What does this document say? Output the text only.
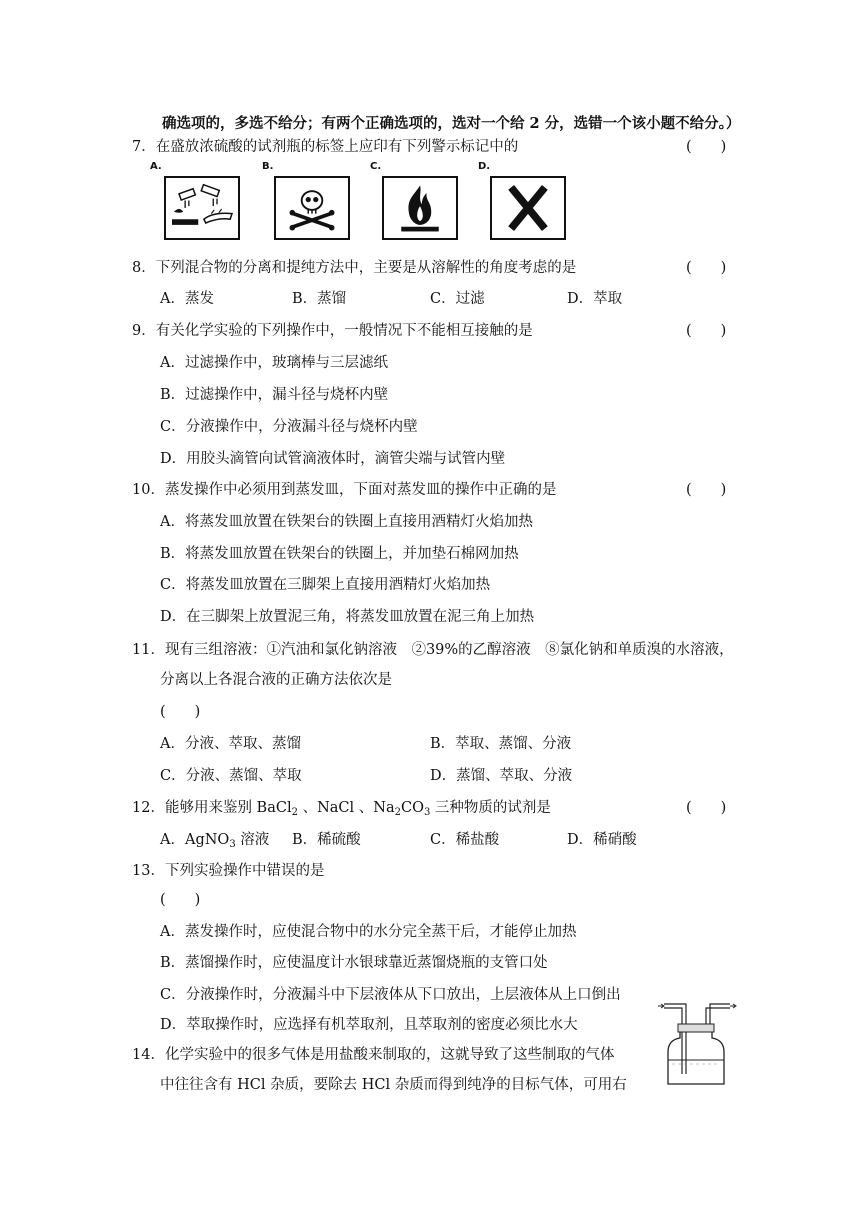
确选项的，多选不给分；有两个正确选项的，选对一个给 2 分，选错一个该小题不给分。）
7．在盛放浓硫酸的试剂瓶的标签上应印有下列警示标记中的	(　　)
A.	B.	C.	D.
8．下列混合物的分离和提纯方法中，主要是从溶解性的角度考虑的是	(　　)
A．蒸发	B．蒸馏	C．过滤	D．萃取
9．有关化学实验的下列操作中，一般情况下不能相互接触的是	(　　)
A．过滤操作中，玻璃棒与三层滤纸
B．过滤操作中，漏斗径与烧杯内壁
C．分液操作中，分液漏斗径与烧杯内壁
D．用胶头滴管向试管滴液体时，滴管尖端与试管内壁
10．蒸发操作中必须用到蒸发皿，下面对蒸发皿的操作中正确的是	(　　)
A．将蒸发皿放置在铁架台的铁圈上直接用酒精灯火焰加热
B．将蒸发皿放置在铁架台的铁圈上，并加垫石棉网加热
C．将蒸发皿放置在三脚架上直接用酒精灯火焰加热
D．在三脚架上放置泥三角，将蒸发皿放置在泥三角上加热
11．现有三组溶液：①汽油和氯化钠溶液　②39%的乙醇溶液　⑧氯化钠和单质溴的水溶液，
分离以上各混合液的正确方法依次是
(　　)
A．分液、萃取、蒸馏	B．萃取、蒸馏、分液
C．分液、蒸馏、萃取	D．蒸馏、萃取、分液
12．能够用来鉴别 BaCl$_2$ 、NaCl 、$Na_2CO_3$ 三种物质的试剂是	(　　)
A．AgNO$_3$ 溶液 B．稀硫酸	C．稀盐酸	D．稀硝酸
13．下列实验操作中错误的是
(　　)
A．蒸发操作时，应使混合物中的水分完全蒸干后，才能停止加热
B．蒸馏操作时，应使温度计水银球靠近蒸馏烧瓶的支管口处
C．分液操作时，分液漏斗中下层液体从下口放出，上层液体从上口倒出
D．萃取操作时，应选择有机萃取剂，且萃取剂的密度必须比水大
14．化学实验中的很多气体是用盐酸来制取的，这就导致了这些制取的气体
中往往含有 HCl 杂质，要除去 HCl 杂质而得到纯净的目标气体，可用右
